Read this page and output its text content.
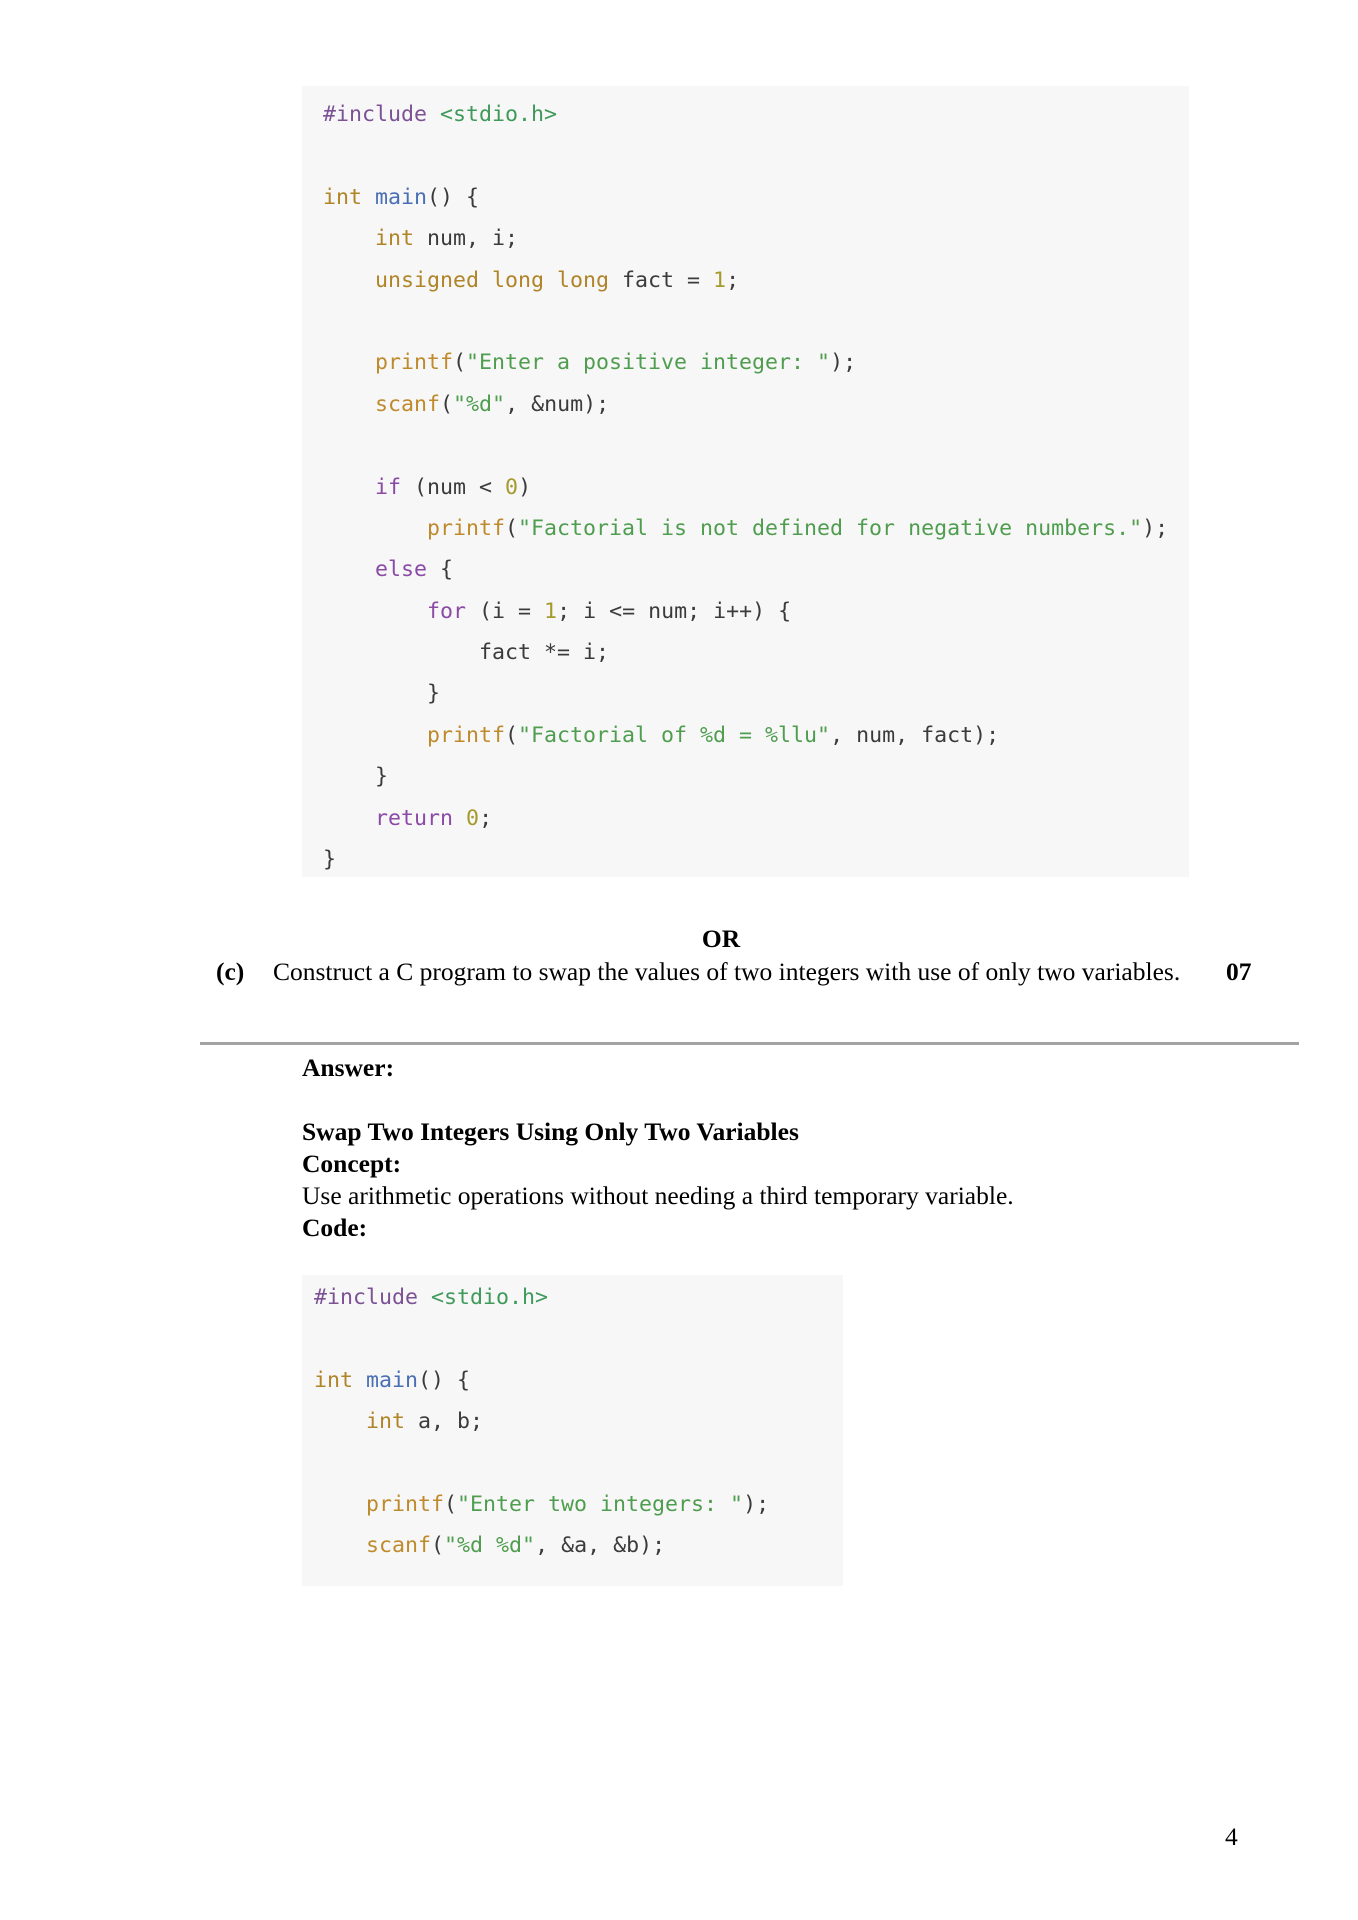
#include <stdio.h>
int main() {
int num, i;
unsigned long long fact = 1;
printf("Enter a positive integer: ");
scanf("%d", &num);
if (num < 0)
printf("Factorial is not defined for negative numbers.");
else {
for (i = 1; i <= num; i++) {
fact *= i;
}
printf("Factorial of %d = %llu", num, fact);
}
return 0;
}
OR
(c) Construct a C program to swap the values of two integers with use of only two variables.	07
Answer:
Swap Two Integers Using Only Two Variables
Concept:
Use arithmetic operations without needing a third temporary variable.
Code:
#include <stdio.h>
int main() {
int a, b;
printf("Enter two integers: ");
scanf("%d %d", &a, &b);
4
